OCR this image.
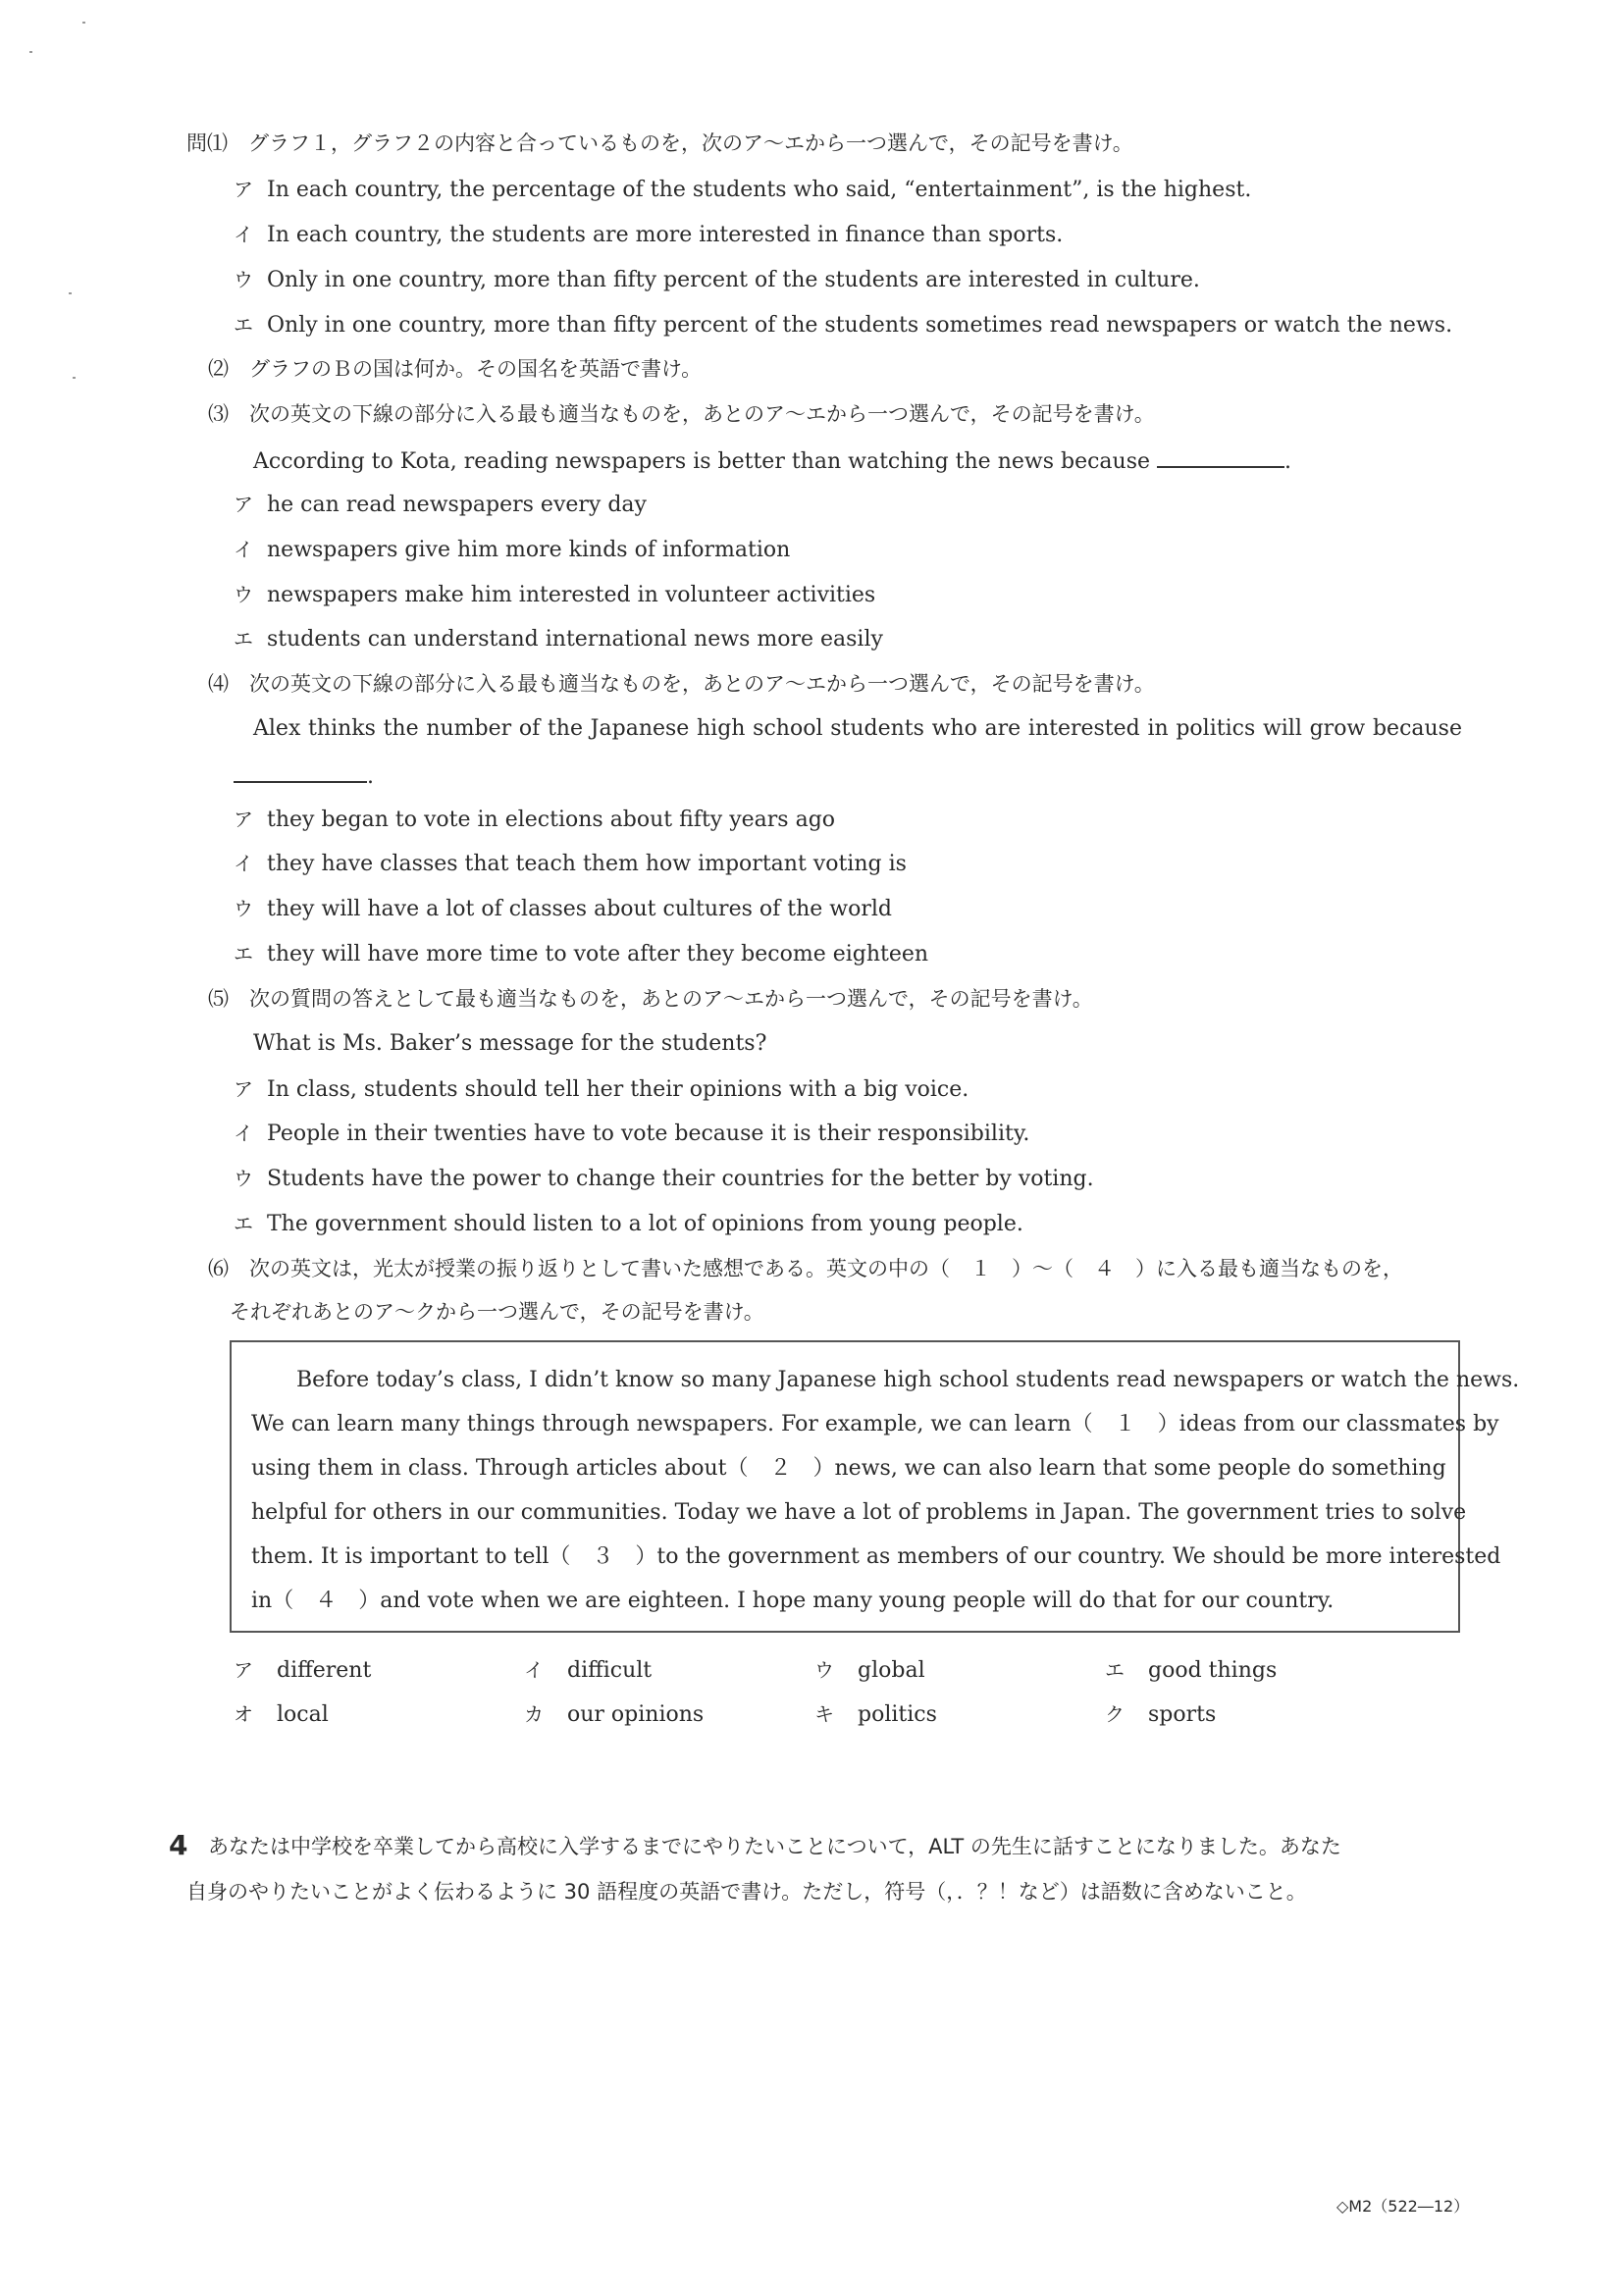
問⑴　 グラフ１，グラフ２の内容と合っているものを，次のア～エから一つ選んで，その記号を書け。
ア In each country, the percentage of the students who said, “entertainment”, is the highest.
イ In each country, the students are more interested in finance than sports.
ウ Only in one country, more than fifty percent of the students are interested in culture.
エ Only in one country, more than fifty percent of the students sometimes read newspapers or watch the news.
⑵　 グラフのＢの国は何か。その国名を英語で書け。
⑶　 次の英文の下線の部分に入る最も適当なものを，あとのア～エから一つ選んで，その記号を書け。
According to Kota, reading newspapers is better than watching the news because	.
ア he can read newspapers every day
イ newspapers give him more kinds of information
ウ newspapers make him interested in volunteer activities
エ students can understand international news more easily
⑷　 次の英文の下線の部分に入る最も適当なものを，あとのア～エから一つ選んで，その記号を書け。
Alex thinks the number of the Japanese high school students who are interested in politics will grow because
.
ア they began to vote in elections about fifty years ago
イ they have classes that teach them how important voting is
ウ they will have a lot of classes about cultures of the world
エ they will have more time to vote after they become eighteen
⑸　 次の質問の答えとして最も適当なものを，あとのア～エから一つ選んで，その記号を書け。
What is Ms. Baker’s message for the students?
ア In class, students should tell her their opinions with a big voice.
イ People in their twenties have to vote because it is their responsibility.
ウ Students have the power to change their countries for the better by voting.
エ The government should listen to a lot of opinions from young people.
⑹　 次の英文は，光太が授業の振り返りとして書いた感想である。英文の中の（　１　）～（　４　）に入る最も適当なものを，
それぞれあとのア～クから一つ選んで，その記号を書け。
Before today’s class, I didn’t know so many Japanese high school students read newspapers or watch the news.
We can learn many things through newspapers. For example, we can learn（　１　）ideas from our classmates by
using them in class. Through articles about（　２　）news, we can also learn that some people do something
helpful for others in our communities. Today we have a lot of problems in Japan. The government tries to solve
them. It is important to tell（　３　）to the government as members of our country. We should be more interested
in（　４　）and vote when we are eighteen. I hope many young people will do that for our country.
ア different	イ difficult	ウ global	エ good things
オ local	カ our opinions	キ politics	ク sports
4 あなたは中学校を卒業してから高校に入学するまでにやりたいことについて，ALT の先生に話すことになりました。あなた
自身のやりたいことがよく伝わるように 30 語程度の英語で書け。ただし，符号（，．？！など）は語数に含めないこと。
◇M2（522―12）
